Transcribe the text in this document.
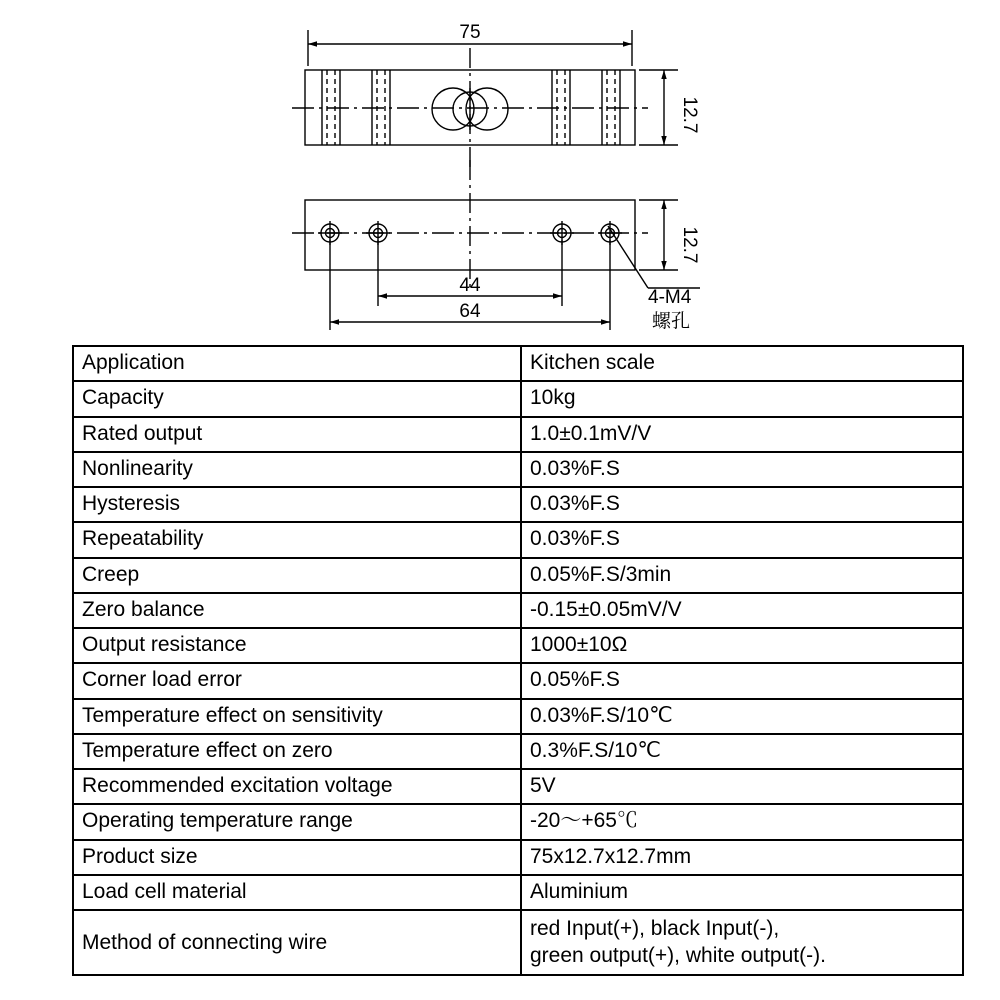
75
12.7
12.7
44
64
4-M4
螺孔
Application	Kitchen scale
Capacity	10kg
Rated output	1.0±0.1mV/V
Nonlinearity	0.03%F.S
Hysteresis	0.03%F.S
Repeatability	0.03%F.S
Creep	0.05%F.S/3min
Zero balance	-0.15±0.05mV/V
Output resistance	1000±10Ω
Corner load error	0.05%F.S
Temperature effect on sensitivity	0.03%F.S/10℃
Temperature effect on zero	0.3%F.S/10℃
Recommended excitation voltage	5V
Operating temperature range	-20～+65℃
Product size	75x12.7x12.7mm
Load cell material	Aluminium
Method of connecting wire	red Input(+), black Input(-),
green output(+), white output(-).
